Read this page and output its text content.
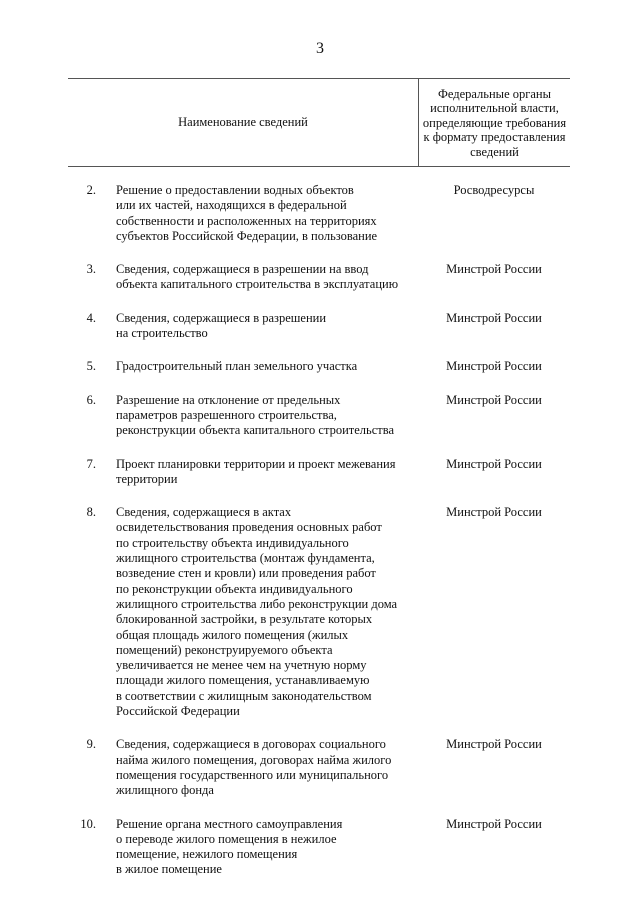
3
Наименование сведений
Федеральные органы исполнительной власти, определяющие требования к формату предоставления сведений
2. Решение о предоставлении водных объектов
или их частей, находящихся в федеральной
собственности и расположенных на территориях
субъектов Российской Федерации, в пользование
Росводресурсы
3. Сведения, содержащиеся в разрешении на ввод
объекта капитального строительства в эксплуатацию
Минстрой России
4. Сведения, содержащиеся в разрешении
на строительство
Минстрой России
5. Градостроительный план земельного участка	Минстрой России
6. Разрешение на отклонение от предельных
параметров разрешенного строительства,
реконструкции объекта капитального строительства
Минстрой России
7. Проект планировки территории и проект межевания
территории
Минстрой России
8. Сведения, содержащиеся в актах
освидетельствования проведения основных работ
по строительству объекта индивидуального
жилищного строительства (монтаж фундамента,
возведение стен и кровли) или проведения работ
по реконструкции объекта индивидуального
жилищного строительства либо реконструкции дома
блокированной застройки, в результате которых
общая площадь жилого помещения (жилых
помещений) реконструируемого объекта
увеличивается не менее чем на учетную норму
площади жилого помещения, устанавливаемую
в соответствии с жилищным законодательством
Российской Федерации
Минстрой России
9. Сведения, содержащиеся в договорах социального
найма жилого помещения, договорах найма жилого
помещения государственного или муниципального
жилищного фонда
Минстрой России
10. Решение органа местного самоуправления
о переводе жилого помещения в нежилое
помещение, нежилого помещения
в жилое помещение
Минстрой России
